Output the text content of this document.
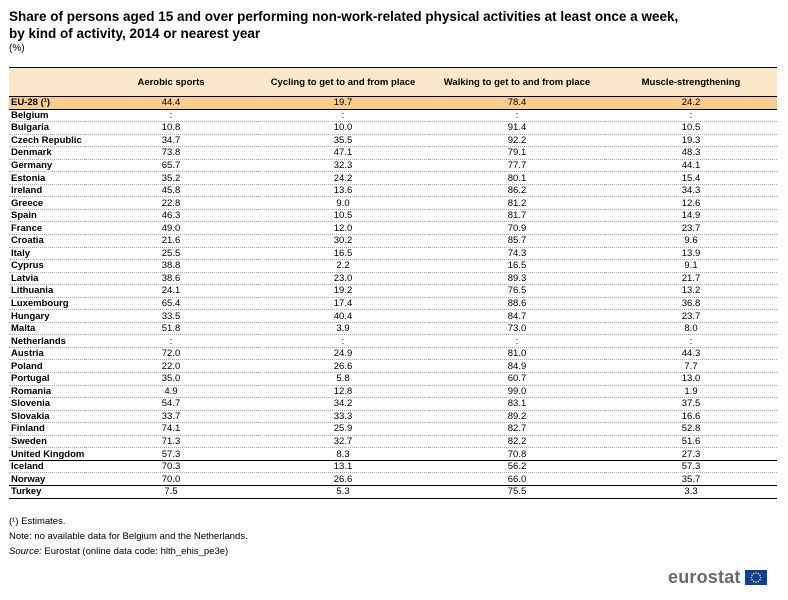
Share of persons aged 15 and over performing non-work-related physical activities at least once a week,
by kind of activity, 2014 or nearest year
(%)
	Aerobic sports	Cycling to get to and from place	Walking to get to and from place	Muscle-strengthening
EU-28 (¹)	44.4	19.7	78.4	24.2
Belgium	:	:	:	:
Bulgaria	10.8	10.0	91.4	10.5
Czech Republic	34.7	35.5	92.2	19.3
Denmark	73.8	47.1	79.1	48.3
Germany	65.7	32.3	77.7	44.1
Estonia	35.2	24.2	80.1	15.4
Ireland	45.8	13.6	86.2	34.3
Greece	22.8	9.0	81.2	12.6
Spain	46.3	10.5	81.7	14.9
France	49.0	12.0	70.9	23.7
Croatia	21.6	30.2	85.7	9.6
Italy	25.5	16.5	74.3	13.9
Cyprus	38.8	2.2	16.5	9.1
Latvia	38.6	23.0	89.3	21.7
Lithuania	24.1	19.2	76.5	13.2
Luxembourg	65.4	17.4	88.6	36.8
Hungary	33.5	40.4	84.7	23.7
Malta	51.8	3.9	73.0	8.0
Netherlands	:	:	:	:
Austria	72.0	24.9	81.0	44.3
Poland	22.0	26.6	84.9	7.7
Portugal	35.0	5.8	60.7	13.0
Romania	4.9	12.8	99.0	1.9
Slovenia	54.7	34.2	83.1	37.5
Slovakia	33.7	33.3	89.2	16.6
Finland	74.1	25.9	82.7	52.8
Sweden	71.3	32.7	82.2	51.6
United Kingdom	57.3	8.3	70.8	27.3
Iceland	70.3	13.1	56.2	57.3
Norway	70.0	26.6	66.0	35.7
Turkey	7.5	5.3	75.5	3.3
(¹) Estimates.
Note: no available data for Belgium and the Netherlands.
Source: Eurostat (online data code: hlth_ehis_pe3e)
eurostat
